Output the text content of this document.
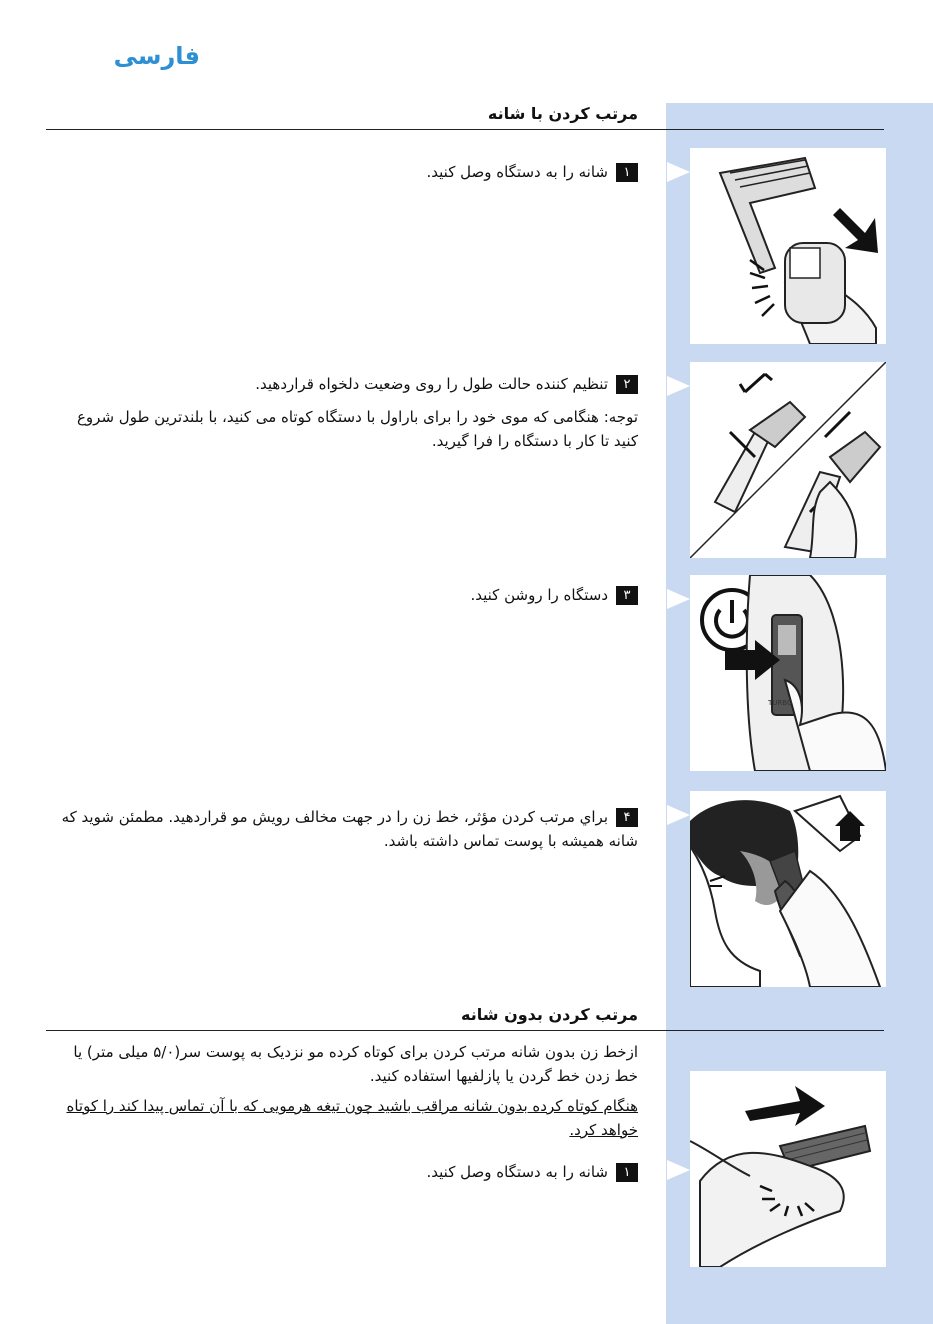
فارسی
مرتب کردن با شانه
۱شانه را به دستگاه وصل کنید.
۲تنظیم کننده حالت طول را روی وضعیت دلخواه قراردهید.
توجه: هنگامی که موی خود را برای باراول با دستگاه کوتاه می کنید، با بلندترین طول شروع کنید تا کار با دستگاه را فرا گیرید.
۳دستگاه را روشن کنید.
۴براي مرتب کردن مؤثر، خط زن را در جهت مخالف رویش مو قراردهید. مطمئن شوید که شانه همیشه با پوست تماس داشته باشد.
مرتب کردن بدون شانه
ازخط زن بدون شانه مرتب کردن برای کوتاه کرده مو نزدیک به پوست سر(۵/۰ میلی متر) یا خط زدن خط گردن یا پازلفیها استفاده کنید.
هنگام کوتاه کرده بدون شانه مراقب باشید چون تیغه هرمویی که با آن تماس پیدا کند را کوتاه خواهد کرد.
۱شانه را به دستگاه وصل کنید.
TURBO
